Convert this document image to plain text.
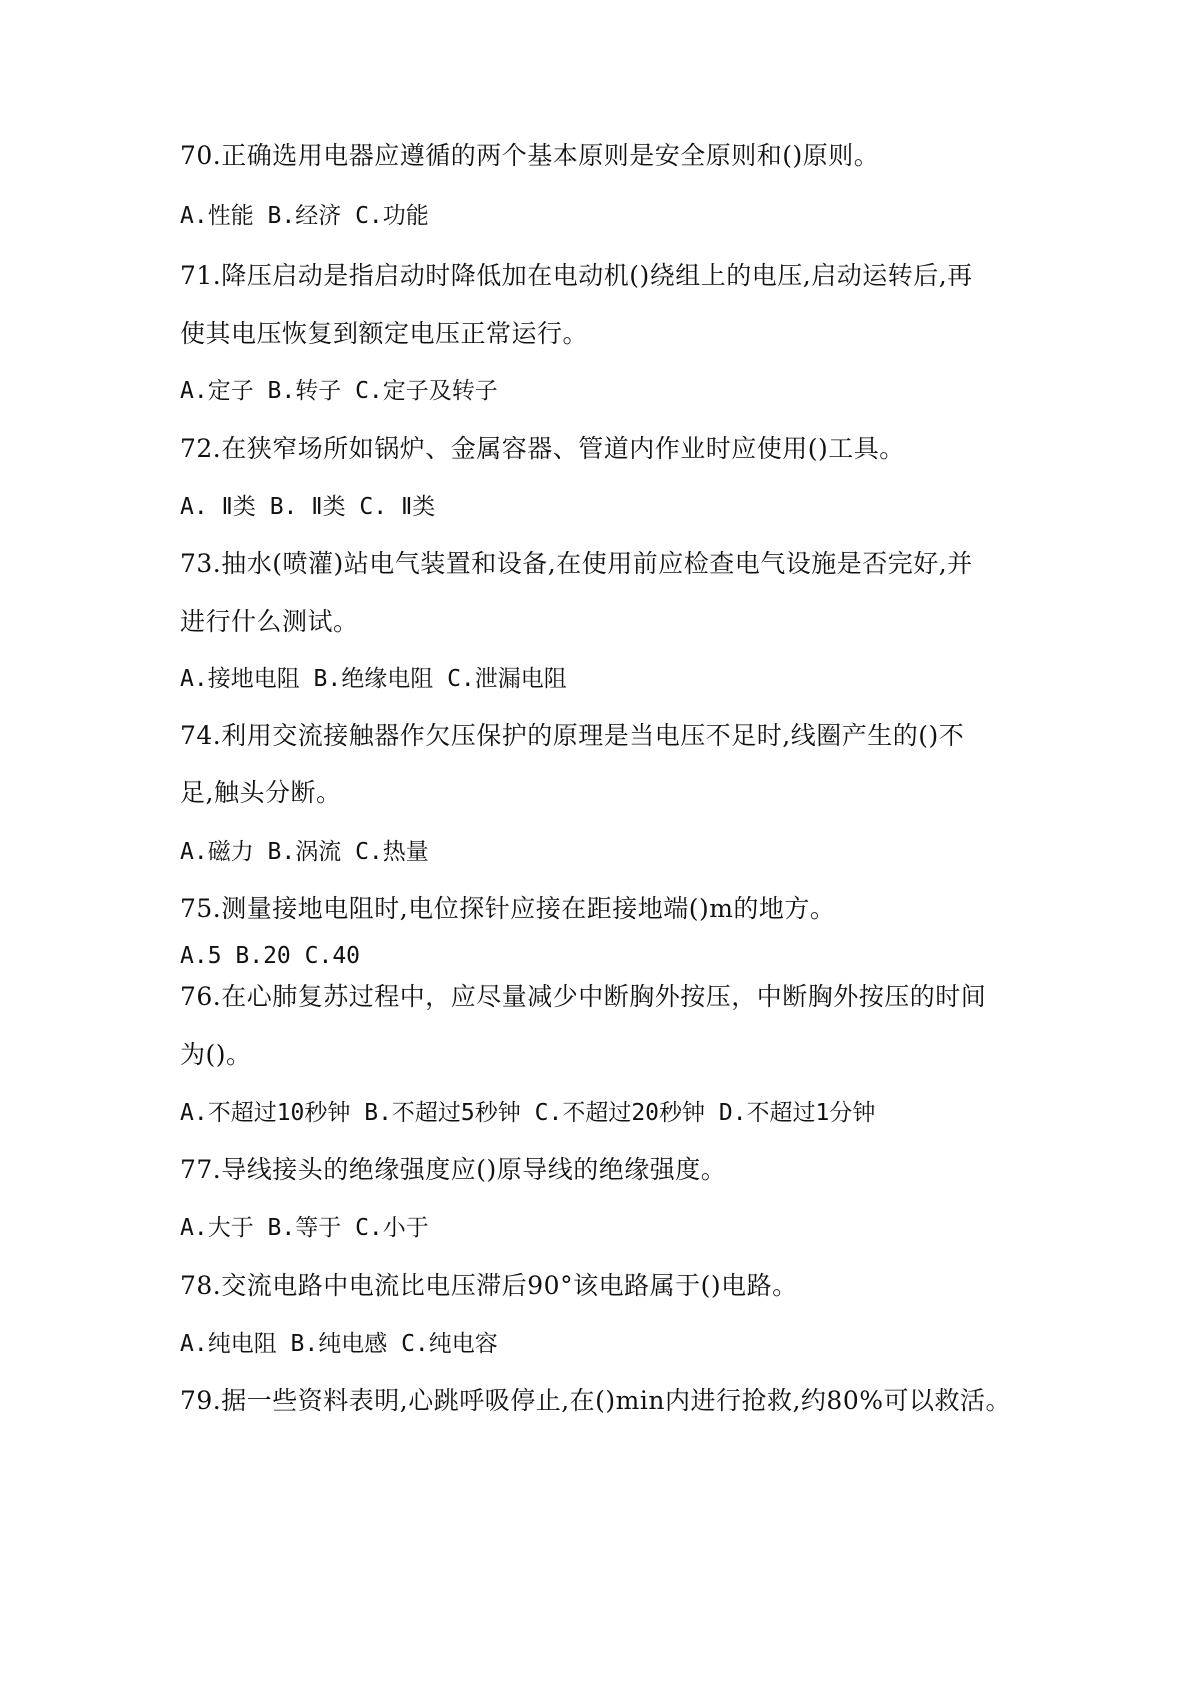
70.正确选用电器应遵循的两个基本原则是安全原则和()原则。
A.性能 B.经济 C.功能
71.降压启动是指启动时降低加在电动机()绕组上的电压,启动运转后,再
使其电压恢复到额定电压正常运行。
A.定子 B.转子 C.定子及转子
72.在狭窄场所如锅炉、金属容器、管道内作业时应使用()工具。
A. Ⅱ类 B. Ⅱ类 C. Ⅱ类
73.抽水(喷灌)站电气装置和设备,在使用前应检查电气设施是否完好,并
进行什么测试。
A.接地电阻 B.绝缘电阻 C.泄漏电阻
74.利用交流接触器作欠压保护的原理是当电压不足时,线圈产生的()不
足,触头分断。
A.磁力 B.涡流 C.热量
75.测量接地电阻时,电位探针应接在距接地端()m的地方。
A.5 B.20 C.40
76.在心肺复苏过程中，应尽量减少中断胸外按压，中断胸外按压的时间
为()。
A.不超过10秒钟 B.不超过5秒钟 C.不超过20秒钟 D.不超过1分钟
77.导线接头的绝缘强度应()原导线的绝缘强度。
A.大于 B.等于 C.小于
78.交流电路中电流比电压滞后90°该电路属于()电路。
A.纯电阻 B.纯电感 C.纯电容
79.据一些资料表明,心跳呼吸停止,在()min内进行抢救,约80%可以救活。
